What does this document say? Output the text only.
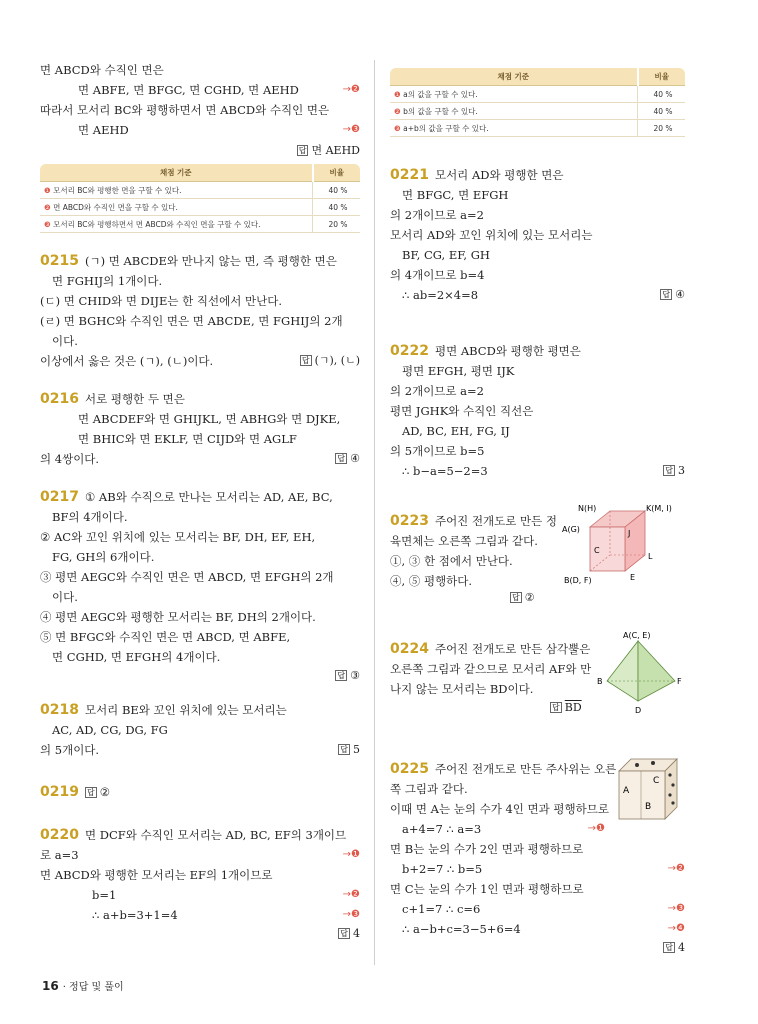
면 ABCD와 수직인 면은
면 ABFE, 면 BFGC, 면 CGHD, 면 AEHD	→❷
따라서 모서리 BC와 평행하면서 면 ABCD와 수직인 면은
면 AEHD	→❸
답 면 AEHD
채점 기준	비율
❶ 모서리 BC와 평행한 면을 구할 수 있다.	40 %
❷ 면 ABCD와 수직인 면을 구할 수 있다.	40 %
❸ 모서리 BC와 평행하면서 면 ABCD와 수직인 면을 구할 수 있다.	20 %
0215 (ㄱ) 면 ABCDE와 만나지 않는 면, 즉 평행한 면은
면 FGHIJ의 1개이다.
(ㄷ) 면 CHID와 면 DIJE는 한 직선에서 만난다.
(ㄹ) 면 BGHC와 수직인 면은 면 ABCDE, 면 FGHIJ의 2개
이다.
이상에서 옳은 것은 (ㄱ), (ㄴ)이다.	답 (ㄱ), (ㄴ)
0216 서로 평행한 두 면은
면 ABCDEF와 면 GHIJKL, 면 ABHG와 면 DJKE,
면 BHIC와 면 EKLF, 면 CIJD와 면 AGLF
의 4쌍이다.	답 ④
0217 ① AB와 수직으로 만나는 모서리는 AD, AE, BC,
BF의 4개이다.
② AC와 꼬인 위치에 있는 모서리는 BF, DH, EF, EH,
FG, GH의 6개이다.
③ 평면 AEGC와 수직인 면은 면 ABCD, 면 EFGH의 2개
이다.
④ 평면 AEGC와 평행한 모서리는 BF, DH의 2개이다.
⑤ 면 BFGC와 수직인 면은 면 ABCD, 면 ABFE,
면 CGHD, 면 EFGH의 4개이다.
답 ③
0218 모서리 BE와 꼬인 위치에 있는 모서리는
AC, AD, CG, DG, FG
의 5개이다.	답 5
0219 답 ②
0220 면 DCF와 수직인 모서리는 AD, BC, EF의 3개이므
로 a=3	→❶
면 ABCD와 평행한 모서리는 EF의 1개이므로
b=1	→❷
∴ a+b=3+1=4	→❸
답 4
채점 기준	비율
❶ a의 값을 구할 수 있다.	40 %
❷ b의 값을 구할 수 있다.	40 %
❸ a+b의 값을 구할 수 있다.	20 %
0221 모서리 AD와 평행한 면은
면 BFGC, 면 EFGH
의 2개이므로 a=2
모서리 AD와 꼬인 위치에 있는 모서리는
BF, CG, EF, GH
의 4개이므로 b=4
∴ ab=2×4=8	답 ④
0222 평면 ABCD와 평행한 평면은
평면 EFGH, 평면 IJK
의 2개이므로 a=2
평면 JGHK와 수직인 직선은
AD, BC, EH, FG, IJ
의 5개이므로 b=5
∴ b−a=5−2=3	답 3
0223 주어진 전개도로 만든 정
육면체는 오른쪽 그림과 같다.
①, ③ 한 점에서 만난다.
④, ⑤ 평행하다.
답 ②
N(H)	K(M, I)
A(G)	J
C
L
B(D, F)	E
0224 주어진 전개도로 만든 삼각뿔은
오른쪽 그림과 같으므로 모서리 AF와 만
나지 않는 모서리는 BD이다.
답 $\overline{BD}$
A(C, E)
B	F
D
A
B
C
0225 주어진 전개도로 만든 주사위는 오른
쪽 그림과 같다.
이때 면 A는 눈의 수가 4인 면과 평행하므로
a+4=7 ∴ a=3	→❶
면 B는 눈의 수가 2인 면과 평행하므로
b+2=7 ∴ b=5	→❷
면 C는 눈의 수가 1인 면과 평행하므로
c+1=7 ∴ c=6	→❸
∴ a−b+c=3−5+6=4	→❹
답 4
16 · 정답 및 풀이
